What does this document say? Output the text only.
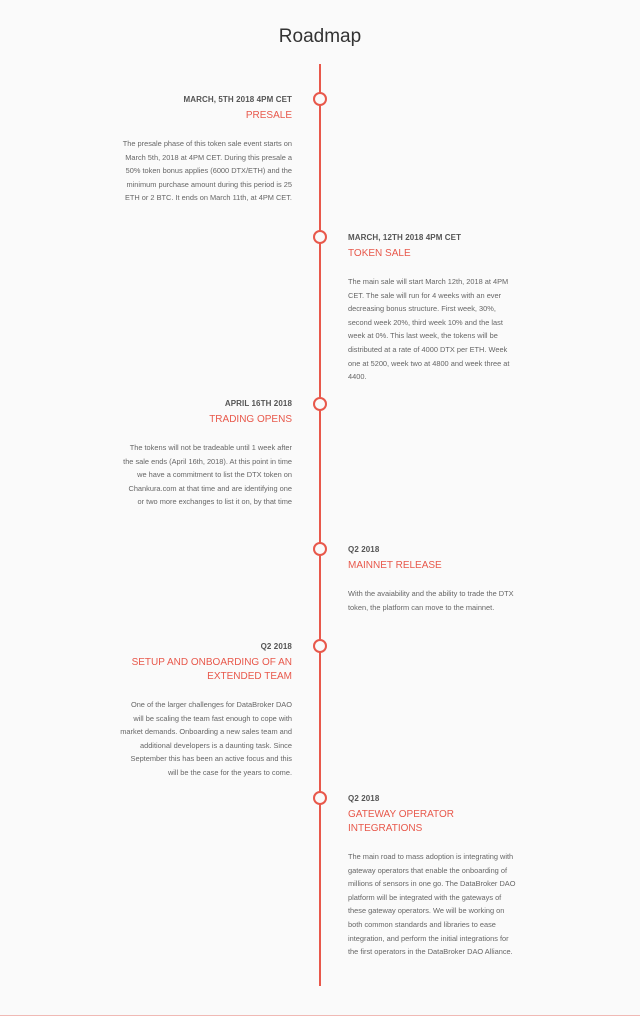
Roadmap
MARCH, 5TH 2018 4PM CET
PRESALE
The presale phase of this token sale event starts on March 5th, 2018 at 4PM CET. During this presale a 50% token bonus applies (6000 DTX/ETH) and the minimum purchase amount during this period is 25 ETH or 2 BTC. It ends on March 11th, at 4PM CET.
MARCH, 12TH 2018 4PM CET
TOKEN SALE
The main sale will start March 12th, 2018 at 4PM CET. The sale will run for 4 weeks with an ever decreasing bonus structure. First week, 30%, second week 20%, third week 10% and the last week at 0%. This last week, the tokens will be distributed at a rate of 4000 DTX per ETH. Week one at 5200, week two at 4800 and week three at 4400.
APRIL 16TH 2018
TRADING OPENS
The tokens will not be tradeable until 1 week after the sale ends (April 16th, 2018). At this point in time we have a commitment to list the DTX token on Chankura.com at that time and are identifying one or two more exchanges to list it on, by that time
Q2 2018
MAINNET RELEASE
With the avaiability and the ability to trade the DTX token, the platform can move to the mainnet.
Q2 2018
SETUP AND ONBOARDING OF AN EXTENDED TEAM
One of the larger challenges for DataBroker DAO will be scaling the team fast enough to cope with market demands. Onboarding a new sales team and additional developers is a daunting task. Since September this has been an active focus and this will be the case for the years to come.
Q2 2018
GATEWAY OPERATOR INTEGRATIONS
The main road to mass adoption is integrating with gateway operators that enable the onboarding of millions of sensors in one go. The DataBroker DAO platform will be integrated with the gateways of these gateway operators. We will be working on both common standards and libraries to ease integration, and perform the initial integrations for the first operators in the DataBroker DAO Alliance.
